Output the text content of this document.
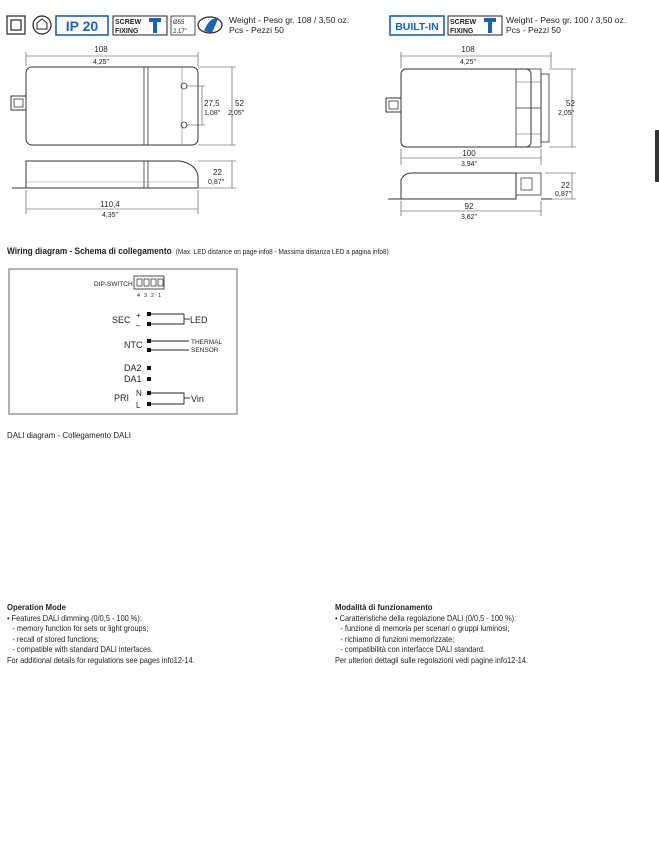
IP 20 SCREW
FIXING
Ø55
2,17"
Weight - Peso gr. 108 / 3,50 oz.
Pcs - Pezzi 50	BUILT-IN SCREW
FIXING
Weight - Peso gr. 100 / 3,50 oz.
Pcs - Pezzi 50
108
4,25"
27,5
1,08"
52
2,05"
22
0,87"
110,4
4,35"
108
4,25"
52
2,05"
100
3,94"
22
0,87"
92
3,62"
Wiring diagram - Schema di collegamento (Max. LED distance on page info8 - Massima distanza LED a pagina info8)
DIP-SWITCH
4 3 2 1
SEC +
–
LED
NTC	THERMAL
SENSOR
DA2
DA1
PRI N
L
Vin
DALI diagram - Collegamento DALI

Operation Mode

• Features DALI dimming (0/0,5 - 100 %):

- memory function for sets or light groups;

- recall of stored functions;

- compatible with standard DALI interfaces.

For additional details for regulations see pages info12-14.

Modalità di funzionamento

• Caratteristiche della regolazione DALI (0/0,5 - 100 %):

- funzione di memoria per scenari o gruppi luminosi;

- richiamo di funzioni memorizzate;

- compatibilità con interfacce DALI standard.

Per ulteriori dettagli sulle regolazioni vedi pagine info12-14.
